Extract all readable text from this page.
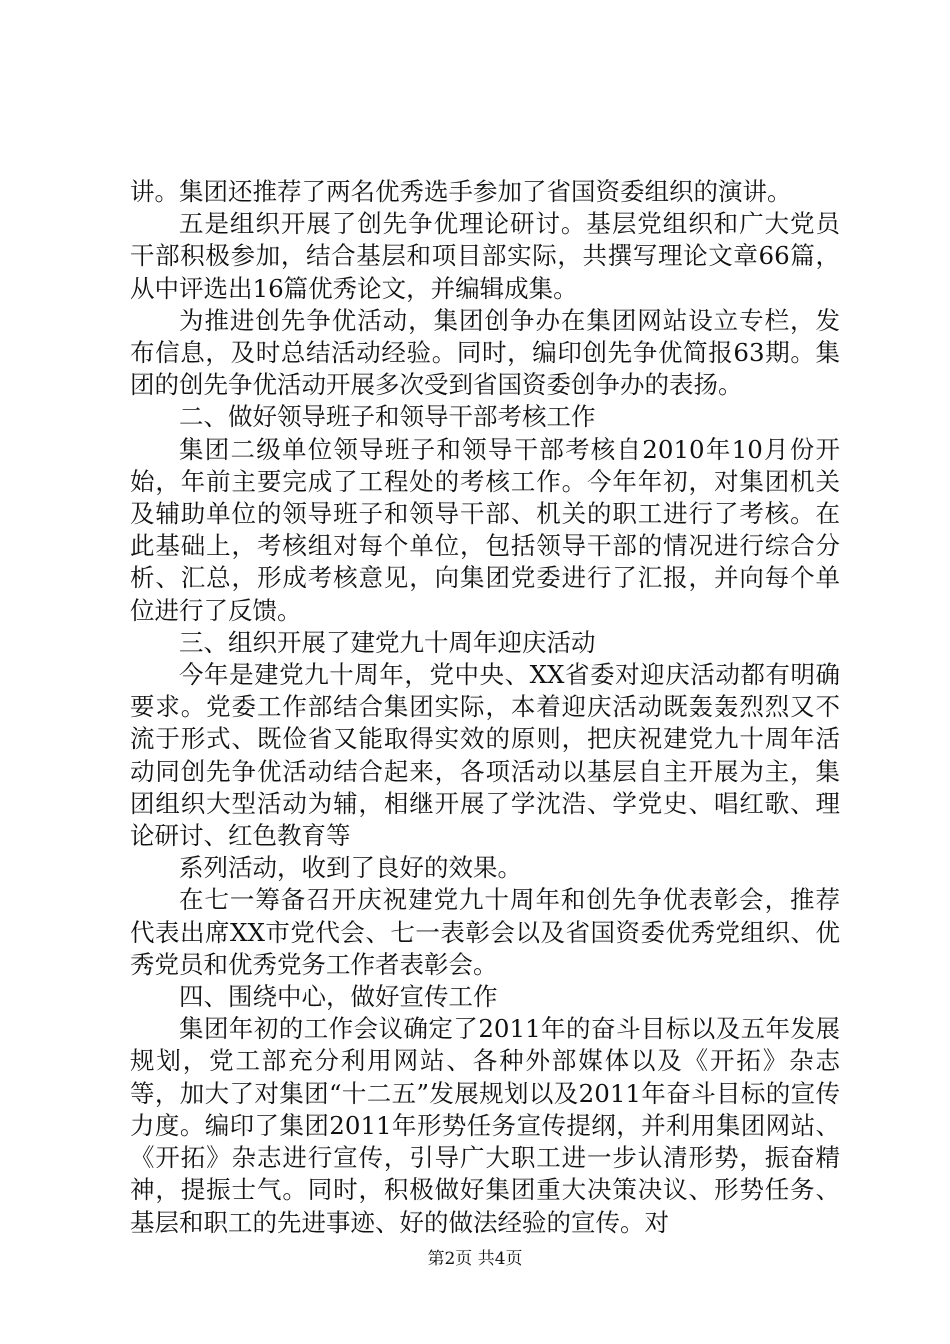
讲。集团还推荐了两名优秀选手参加了省国资委组织的演讲。

五是组织开展了创先争优理论研讨。基层党组织和广大党员干部积极参加，结合基层和项目部实际，共撰写理论文章66篇，从中评选出16篇优秀论文，并编辑成集。

为推进创先争优活动，集团创争办在集团网站设立专栏，发布信息，及时总结活动经验。同时，编印创先争优简报63期。集团的创先争优活动开展多次受到省国资委创争办的表扬。

二、做好领导班子和领导干部考核工作

集团二级单位领导班子和领导干部考核自2010年10月份开始，年前主要完成了工程处的考核工作。今年年初，对集团机关及辅助单位的领导班子和领导干部、机关的职工进行了考核。在此基础上，考核组对每个单位，包括领导干部的情况进行综合分析、汇总，形成考核意见，向集团党委进行了汇报，并向每个单位进行了反馈。

三、组织开展了建党九十周年迎庆活动

今年是建党九十周年，党中央、XX省委对迎庆活动都有明确要求。党委工作部结合集团实际，本着迎庆活动既轰轰烈烈又不流于形式、既俭省又能取得实效的原则，把庆祝建党九十周年活动同创先争优活动结合起来，各项活动以基层自主开展为主，集团组织大型活动为辅，相继开展了学沈浩、学党史、唱红歌、理论研讨、红色教育等

系列活动，收到了良好的效果。

在七一筹备召开庆祝建党九十周年和创先争优表彰会，推荐代表出席XX市党代会、七一表彰会以及省国资委优秀党组织、优秀党员和优秀党务工作者表彰会。

四、围绕中心，做好宣传工作

集团年初的工作会议确定了2011年的奋斗目标以及五年发展规划，党工部充分利用网站、各种外部媒体以及《开拓》杂志等，加大了对集团“十二五”发展规划以及2011年奋斗目标的宣传力度。编印了集团2011年形势任务宣传提纲，并利用集团网站、《开拓》杂志进行宣传，引导广大职工进一步认清形势，振奋精神，提振士气。同时，积极做好集团重大决策决议、形势任务、基层和职工的先进事迹、好的做法经验的宣传。对

第2页 共4页
